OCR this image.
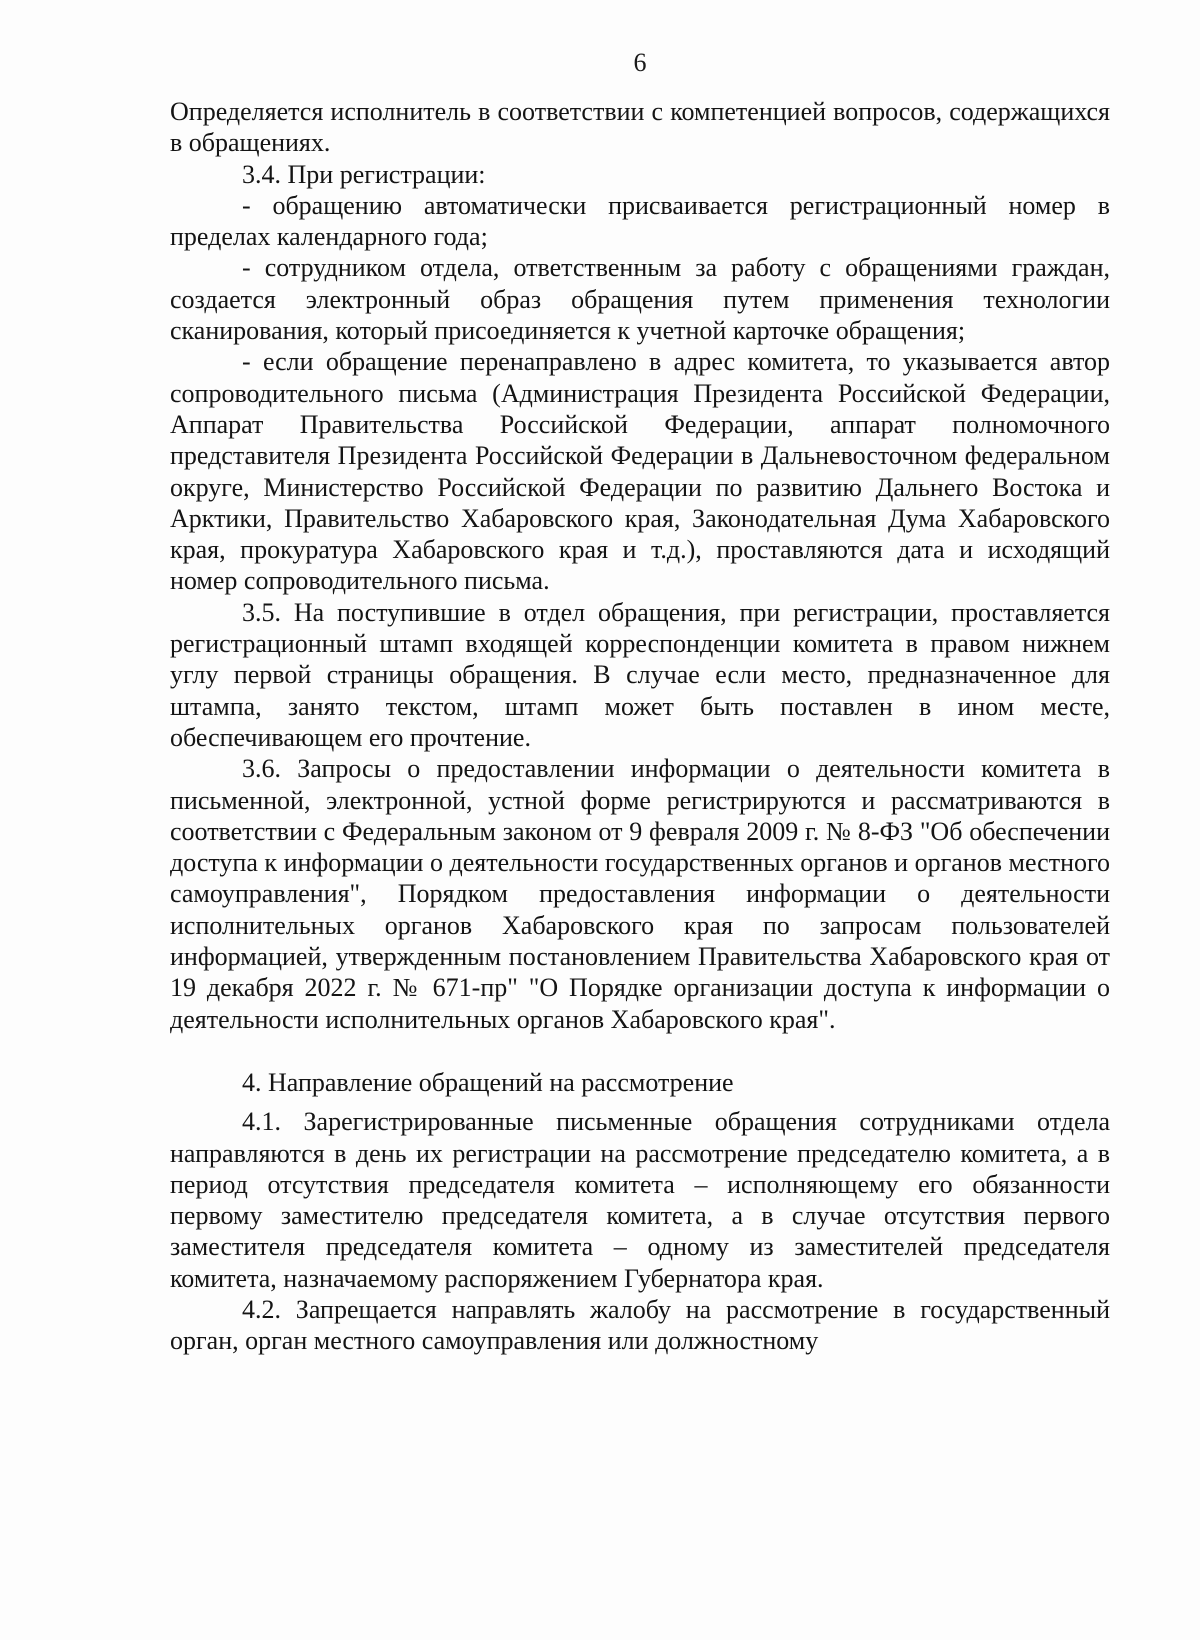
6

Определяется исполнитель в соответствии с компетенцией вопросов, содержащихся в обращениях.

3.4. При регистрации:

- обращению автоматически присваивается регистрационный номер в пределах календарного года;

- сотрудником отдела, ответственным за работу с обращениями граждан, создается электронный образ обращения путем применения технологии сканирования, который присоединяется к учетной карточке обращения;

- если обращение перенаправлено в адрес комитета, то указывается автор сопроводительного письма (Администрация Президента Российской Федерации, Аппарат Правительства Российской Федерации, аппарат полномочного представителя Президента Российской Федерации в Дальневосточном федеральном округе, Министерство Российской Федерации по развитию Дальнего Востока и Арктики, Правительство Хабаровского края, Законодательная Дума Хабаровского края, прокуратура Хабаровского края и т.д.), проставляются дата и исходящий номер сопроводительного письма.

3.5. На поступившие в отдел обращения, при регистрации, проставляется регистрационный штамп входящей корреспонденции комитета в правом нижнем углу первой страницы обращения. В случае если место, предназначенное для штампа, занято текстом, штамп может быть поставлен в ином месте, обеспечивающем его прочтение.

3.6. Запросы о предоставлении информации о деятельности комитета в письменной, электронной, устной форме регистрируются и рассматриваются в соответствии с Федеральным законом от 9 февраля 2009 г. № 8-ФЗ "Об обеспечении доступа к информации о деятельности государственных органов и органов местного самоуправления", Порядком предоставления информации о деятельности исполнительных органов Хабаровского края по запросам пользователей информацией, утвержденным постановлением Правительства Хабаровского края от 19 декабря 2022 г. № 671-пр" "О Порядке организации доступа к информации о деятельности исполнительных органов Хабаровского края".

4. Направление обращений на рассмотрение

4.1. Зарегистрированные письменные обращения сотрудниками отдела направляются в день их регистрации на рассмотрение председателю комитета, а в период отсутствия председателя комитета – исполняющему его обязанности первому заместителю председателя комитета, а в случае отсутствия первого заместителя председателя комитета – одному из заместителей председателя комитета, назначаемому распоряжением Губернатора края.

4.2. Запрещается направлять жалобу на рассмотрение в государственный орган, орган местного самоуправления или должностному
